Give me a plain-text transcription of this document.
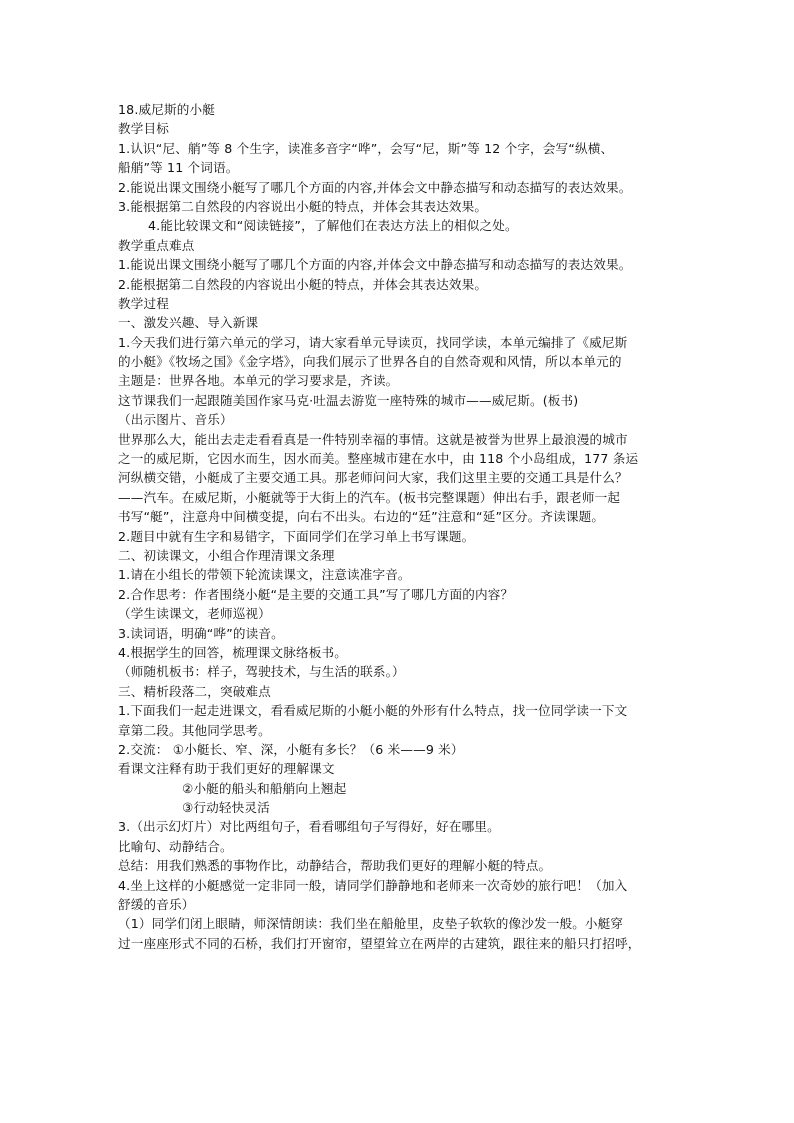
18.威尼斯的小艇
教学目标
1.认识“尼、艄”等 8 个生字，读准多音字“哗”，会写“尼，斯”等 12 个字，会写“纵横、
船艄”等 11 个词语。
2.能说出课文围绕小艇写了哪几个方面的内容,并体会文中静态描写和动态描写的表达效果。
3.能根据第二自然段的内容说出小艇的特点，并体会其表达效果。
4.能比较课文和“阅读链接”，了解他们在表达方法上的相似之处。
教学重点难点
1.能说出课文围绕小艇写了哪几个方面的内容,并体会文中静态描写和动态描写的表达效果。
2.能根据第二自然段的内容说出小艇的特点，并体会其表达效果。
教学过程
一、激发兴趣、导入新课
1.今天我们进行第六单元的学习，请大家看单元导读页，找同学读，本单元编排了《威尼斯
的小艇》《牧场之国》《金字塔》，向我们展示了世界各自的自然奇观和风情，所以本单元的
主题是：世界各地。本单元的学习要求是，齐读。
这节课我们一起跟随美国作家马克·吐温去游览一座特殊的城市——威尼斯。(板书)
（出示图片、音乐）
世界那么大，能出去走走看看真是一件特别幸福的事情。这就是被誉为世界上最浪漫的城市
之一的威尼斯，它因水而生，因水而美。整座城市建在水中，由 118 个小岛组成，177 条运
河纵横交错，小艇成了主要交通工具。那老师问问大家，我们这里主要的交通工具是什么？
——汽车。在威尼斯，小艇就等于大街上的汽车。(板书完整课题）伸出右手，跟老师一起
书写“艇”，注意舟中间横变提，向右不出头。右边的“廷”注意和“延”区分。齐读课题。
2.题目中就有生字和易错字，下面同学们在学习单上书写课题。
二、初读课文，小组合作理清课文条理
1.请在小组长的带领下轮流读课文，注意读准字音。
2.合作思考：作者围绕小艇“是主要的交通工具”写了哪几方面的内容？
（学生读课文，老师巡视）
3.读词语，明确“哗”的读音。
4.根据学生的回答，梳理课文脉络板书。
（师随机板书：样子，驾驶技术，与生活的联系。）
三、精析段落二，突破难点
1.下面我们一起走进课文，看看威尼斯的小艇小艇的外形有什么特点，找一位同学读一下文
章第二段。其他同学思考。
2.交流： ①小艇长、窄、深，小艇有多长？（6 米——9 米）
看课文注释有助于我们更好的理解课文
②小艇的船头和船艄向上翘起
③行动轻快灵活
3.（出示幻灯片）对比两组句子，看看哪组句子写得好，好在哪里。
比喻句、动静结合。
总结：用我们熟悉的事物作比，动静结合，帮助我们更好的理解小艇的特点。
4.坐上这样的小艇感觉一定非同一般，请同学们静静地和老师来一次奇妙的旅行吧！（加入
舒缓的音乐）
（1）同学们闭上眼睛，师深情朗读：我们坐在船舱里，皮垫子软软的像沙发一般。小艇穿
过一座座形式不同的石桥，我们打开窗帘，望望耸立在两岸的古建筑，跟往来的船只打招呼，
